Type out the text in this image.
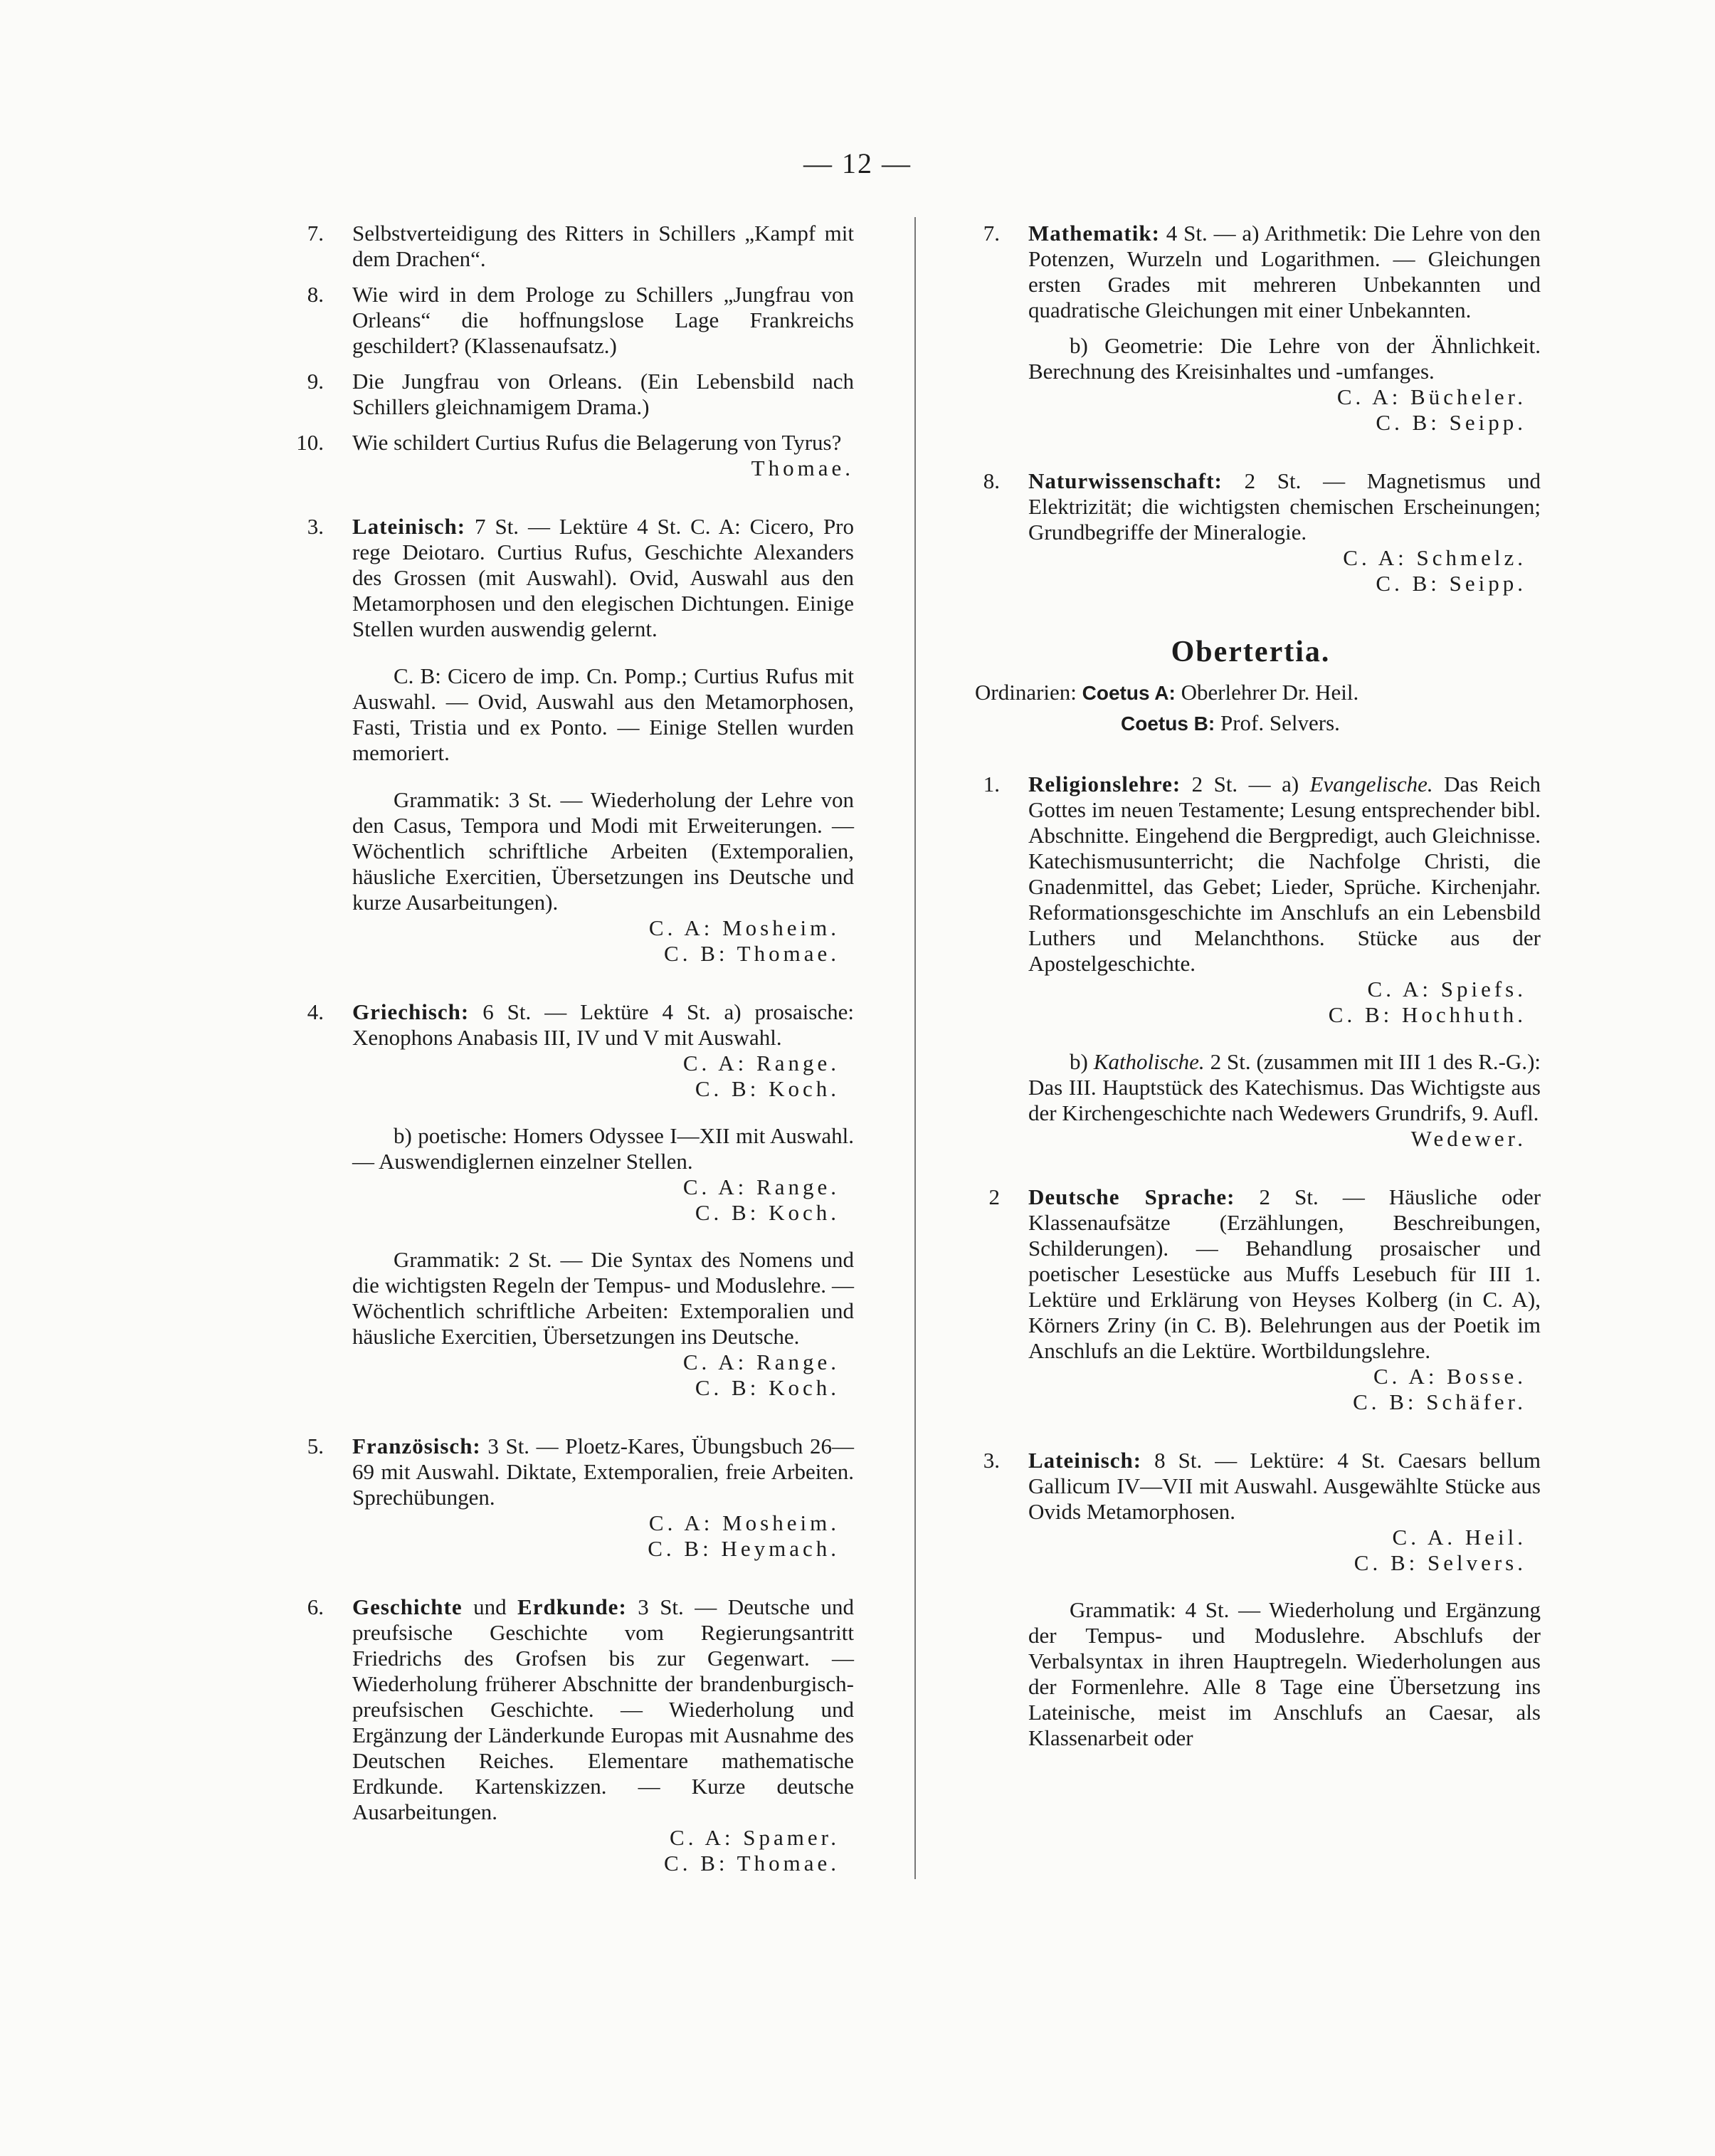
— 12 —
7. Selbstverteidigung des Ritters in Schillers „Kampf mit dem Drachen“.
8. Wie wird in dem Prologe zu Schillers „Jungfrau von Orleans“ die hoffnungslose Lage Frankreichs geschildert? (Klassenaufsatz.)
9. Die Jungfrau von Orleans. (Ein Lebensbild nach Schillers gleichnamigem Drama.)
10. Wie schildert Curtius Rufus die Belagerung von Tyrus?
Thomae.
3. Lateinisch: 7 St. — Lektüre 4 St. C. A: Cicero, Pro rege Deiotaro. Curtius Rufus, Geschichte Alexanders des Grossen (mit Auswahl). Ovid, Auswahl aus den Metamorphosen und den elegischen Dichtungen. Einige Stellen wurden auswendig gelernt.
C. B: Cicero de imp. Cn. Pomp.; Curtius Rufus mit Auswahl. — Ovid, Auswahl aus den Metamorphosen, Fasti, Tristia und ex Ponto. — Einige Stellen wurden memoriert.
Grammatik: 3 St. — Wiederholung der Lehre von den Casus, Tempora und Modi mit Erweiterungen. — Wöchentlich schriftliche Arbeiten (Extemporalien, häusliche Exercitien, Übersetzungen ins Deutsche und kurze Ausarbeitungen).
C. A: Mosheim.
C. B: Thomae.
4. Griechisch: 6 St. — Lektüre 4 St. a) prosaische: Xenophons Anabasis III, IV und V mit Auswahl.
C. A: Range.
C. B: Koch.
b) poetische: Homers Odyssee I—XII mit Auswahl. — Auswendiglernen einzelner Stellen.
C. A: Range.
C. B: Koch.
Grammatik: 2 St. — Die Syntax des Nomens und die wichtigsten Regeln der Tempus- und Moduslehre. — Wöchentlich schriftliche Arbeiten: Extemporalien und häusliche Exercitien, Übersetzungen ins Deutsche.
C. A: Range.
C. B: Koch.
5. Französisch: 3 St. — Ploetz-Kares, Übungsbuch 26—69 mit Auswahl. Diktate, Extemporalien, freie Arbeiten. Sprechübungen.
C. A: Mosheim.
C. B: Heymach.
6. Geschichte und Erdkunde: 3 St. — Deutsche und preufsische Geschichte vom Regierungsantritt Friedrichs des Grofsen bis zur Gegenwart. — Wiederholung früherer Abschnitte der brandenburgisch-preufsischen Geschichte. — Wiederholung und Ergänzung der Länderkunde Europas mit Ausnahme des Deutschen Reiches. Elementare mathematische Erdkunde. Kartenskizzen. — Kurze deutsche Ausarbeitungen.
C. A: Spamer.
C. B: Thomae.
7. Mathematik: 4 St. — a) Arithmetik: Die Lehre von den Potenzen, Wurzeln und Logarithmen. — Gleichungen ersten Grades mit mehreren Unbekannten und quadratische Gleichungen mit einer Unbekannten.
b) Geometrie: Die Lehre von der Ähnlichkeit. Berechnung des Kreisinhaltes und -umfanges.
C. A: Bücheler.
C. B: Seipp.
8. Naturwissenschaft: 2 St. — Magnetismus und Elektrizität; die wichtigsten chemischen Erscheinungen; Grundbegriffe der Mineralogie.
C. A: Schmelz.
C. B: Seipp.
Obertertia.
Ordinarien: Coetus A: Oberlehrer Dr. Heil.
Coetus B: Prof. Selvers.
1. Religionslehre: 2 St. — a) Evangelische. Das Reich Gottes im neuen Testamente; Lesung entsprechender bibl. Abschnitte. Eingehend die Bergpredigt, auch Gleichnisse. Katechismusunterricht; die Nachfolge Christi, die Gnadenmittel, das Gebet; Lieder, Sprüche. Kirchenjahr. Reformationsgeschichte im Anschlufs an ein Lebensbild Luthers und Melanchthons. Stücke aus der Apostelgeschichte.
C. A: Spiefs.
C. B: Hochhuth.
b) Katholische. 2 St. (zusammen mit III 1 des R.-G.): Das III. Hauptstück des Katechismus. Das Wichtigste aus der Kirchengeschichte nach Wedewers Grundrifs, 9. Aufl.
Wedewer.
2 Deutsche Sprache: 2 St. — Häusliche oder Klassenaufsätze (Erzählungen, Beschreibungen, Schilderungen). — Behandlung prosaischer und poetischer Lesestücke aus Muffs Lesebuch für III 1. Lektüre und Erklärung von Heyses Kolberg (in C. A), Körners Zriny (in C. B). Belehrungen aus der Poetik im Anschlufs an die Lektüre. Wortbildungslehre.
C. A: Bosse.
C. B: Schäfer.
3. Lateinisch: 8 St. — Lektüre: 4 St. Caesars bellum Gallicum IV—VII mit Auswahl. Ausgewählte Stücke aus Ovids Metamorphosen.
C. A. Heil.
C. B: Selvers.
Grammatik: 4 St. — Wiederholung und Ergänzung der Tempus- und Moduslehre. Abschlufs der Verbalsyntax in ihren Hauptregeln. Wiederholungen aus der Formenlehre. Alle 8 Tage eine Übersetzung ins Lateinische, meist im Anschlufs an Caesar, als Klassenarbeit oder
